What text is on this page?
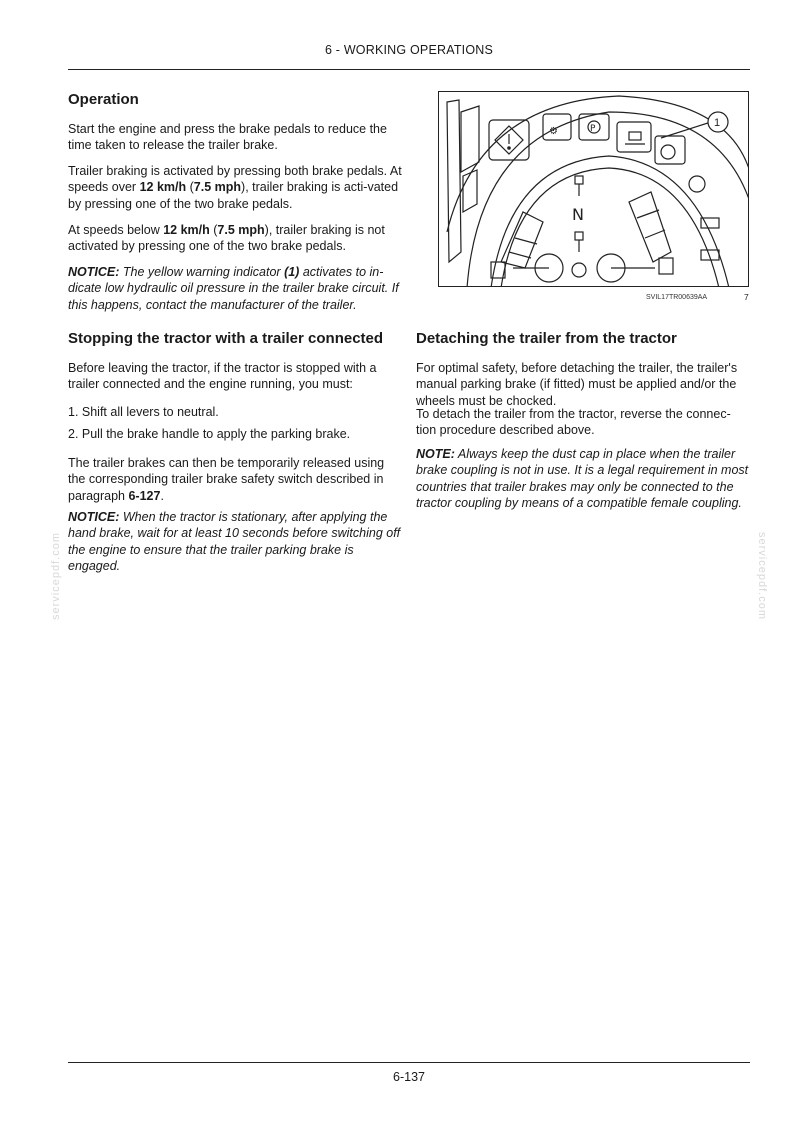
6 - WORKING OPERATIONS
Operation

Start the engine and press the brake pedals to reduce the time taken to release the trailer brake.

Trailer braking is activated by pressing both brake pedals. At speeds over 12 km/h (7.5 mph), trailer braking is acti-vated by pressing one of the two brake pedals.

At speeds below 12 km/h (7.5 mph), trailer braking is not activated by pressing one of the two brake pedals.

NOTICE: The yellow warning indicator (1) activates to in-dicate low hydraulic oil pressure in the trailer brake circuit. If this happens, contact the manufacturer of the trailer.

Stopping the tractor with a trailer connected

Before leaving the tractor, if the tractor is stopped with a trailer connected and the engine running, you must:

1. Shift all levers to neutral.
2. Pull the brake handle to apply the parking brake.

The trailer brakes can then be temporarily released using the corresponding trailer brake safety switch described in paragraph 6-127.

NOTICE: When the tractor is stationary, after applying the hand brake, wait for at least 10 seconds before switching off the engine to ensure that the trailer parking brake is engaged.

P
⚙
N
1
SVIL17TR00639AA	7
Detaching the trailer from the tractor

For optimal safety, before detaching the trailer, the trailer's manual parking brake (if fitted) must be applied and/or the wheels must be chocked.

To detach the trailer from the tractor, reverse the connec-tion procedure described above.

NOTE: Always keep the dust cap in place when the trailer brake coupling is not in use. It is a legal requirement in most countries that trailer brakes may only be connected to the tractor coupling by means of a compatible female coupling.

servicepdf.com	servicepdf.com
6-137
